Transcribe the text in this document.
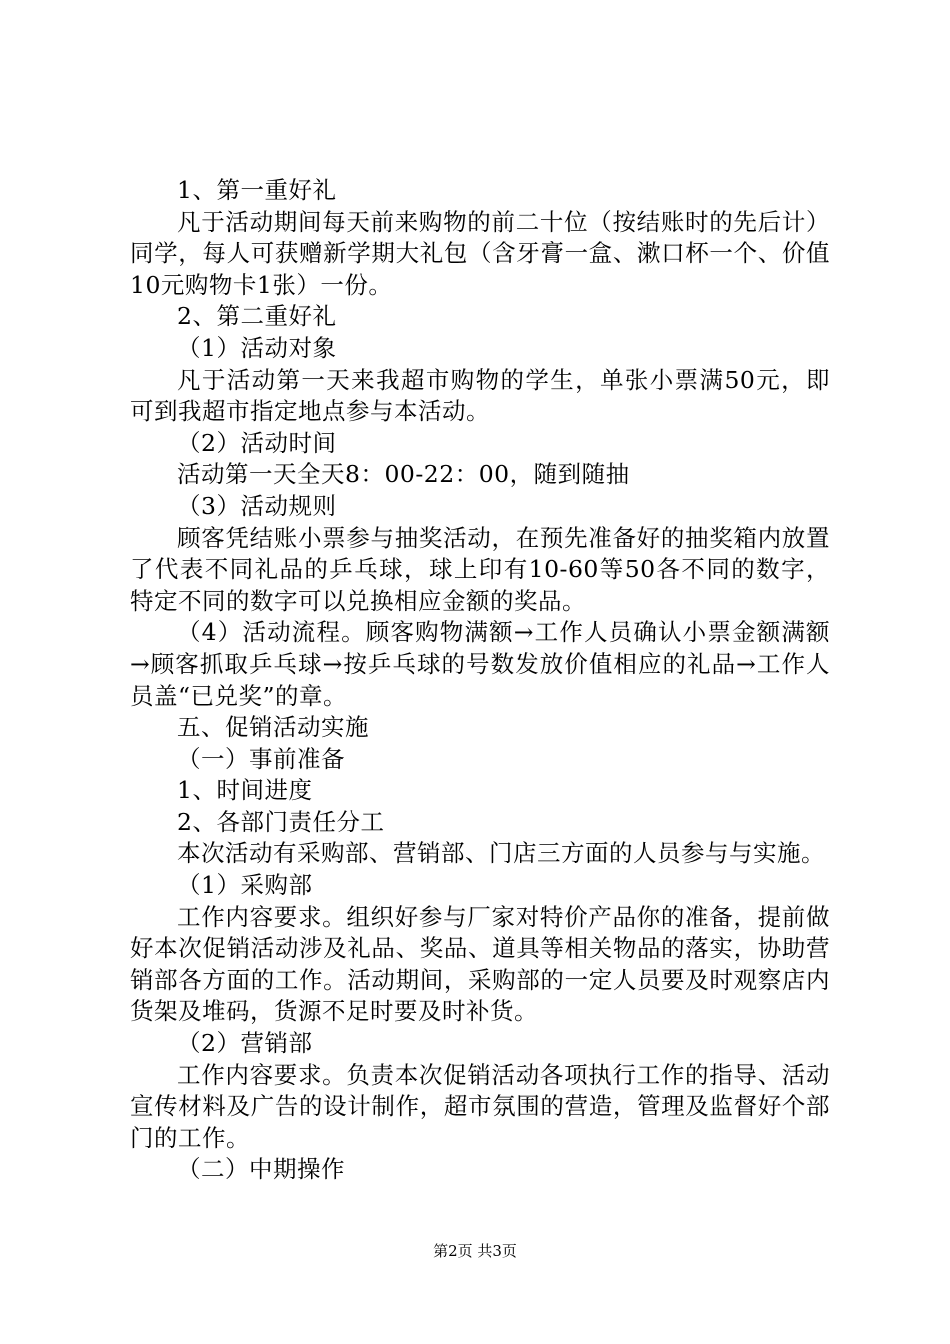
1、第一重好礼

凡于活动期间每天前来购物的前二十位（按结账时的先后计）同学，每人可获赠新学期大礼包（含牙膏一盒、漱口杯一个、价值10元购物卡1张）一份。

2、第二重好礼

（1）活动对象

凡于活动第一天来我超市购物的学生，单张小票满50元，即可到我超市指定地点参与本活动。

（2）活动时间

活动第一天全天8：00-22：00，随到随抽

（3）活动规则

顾客凭结账小票参与抽奖活动，在预先准备好的抽奖箱内放置了代表不同礼品的乒乓球，球上印有10-60等50各不同的数字，特定不同的数字可以兑换相应金额的奖品。

（4）活动流程。顾客购物满额→工作人员确认小票金额满额→顾客抓取乒乓球→按乒乓球的号数发放价值相应的礼品→工作人员盖“已兑奖”的章。

五、促销活动实施

（一）事前准备

1、时间进度

2、各部门责任分工

本次活动有采购部、营销部、门店三方面的人员参与与实施。

（1）采购部

工作内容要求。组织好参与厂家对特价产品你的准备，提前做好本次促销活动涉及礼品、奖品、道具等相关物品的落实，协助营销部各方面的工作。活动期间，采购部的一定人员要及时观察店内货架及堆码，货源不足时要及时补货。

（2）营销部

工作内容要求。负责本次促销活动各项执行工作的指导、活动宣传材料及广告的设计制作，超市氛围的营造，管理及监督好个部门的工作。

（二）中期操作

第2页 共3页
